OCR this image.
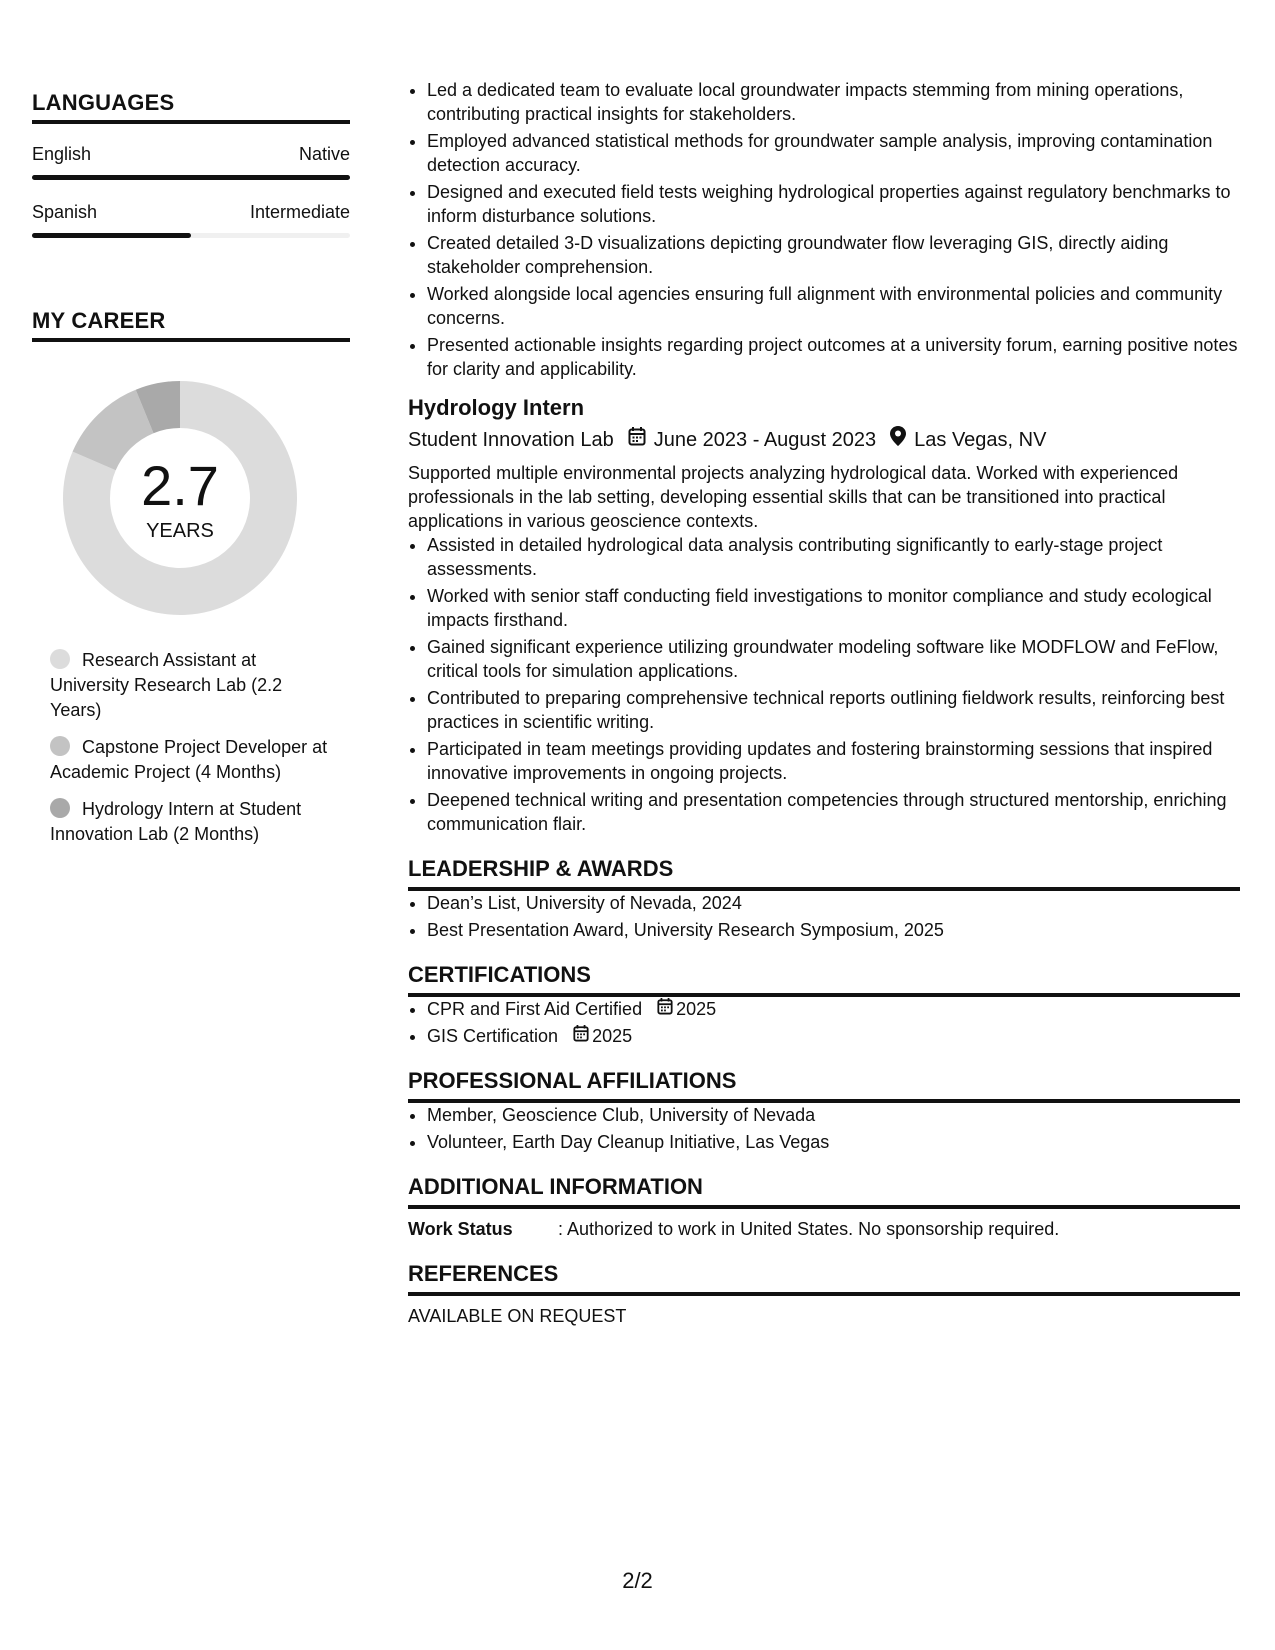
LANGUAGES
English	Native
Spanish	Intermediate
MY CAREER
2.7
YEARS
Research Assistant at University Research Lab (2.2 Years)
Capstone Project Developer at Academic Project (4 Months)
Hydrology Intern at Student Innovation Lab (2 Months)
• Led a dedicated team to evaluate local groundwater impacts stemming from mining operations, contributing practical insights for stakeholders.
• Employed advanced statistical methods for groundwater sample analysis, improving contamination detection accuracy.
• Designed and executed field tests weighing hydrological properties against regulatory benchmarks to inform disturbance solutions.
• Created detailed 3-D visualizations depicting groundwater flow leveraging GIS, directly aiding stakeholder comprehension.
• Worked alongside local agencies ensuring full alignment with environmental policies and community concerns.
• Presented actionable insights regarding project outcomes at a university forum, earning positive notes for clarity and applicability.
Hydrology Intern
Student Innovation Lab June 2023 - August 2023 Las Vegas, NV
Supported multiple environmental projects analyzing hydrological data. Worked with experienced professionals in the lab setting, developing essential skills that can be transitioned into practical applications in various geoscience contexts.
• Assisted in detailed hydrological data analysis contributing significantly to early-stage project assessments.
• Worked with senior staff conducting field investigations to monitor compliance and study ecological impacts firsthand.
• Gained significant experience utilizing groundwater modeling software like MODFLOW and FeFlow, critical tools for simulation applications.
• Contributed to preparing comprehensive technical reports outlining fieldwork results, reinforcing best practices in scientific writing.
• Participated in team meetings providing updates and fostering brainstorming sessions that inspired innovative improvements in ongoing projects.
• Deepened technical writing and presentation competencies through structured mentorship, enriching communication flair.
LEADERSHIP & AWARDS
• Dean’s List, University of Nevada, 2024
• Best Presentation Award, University Research Symposium, 2025
CERTIFICATIONS
• CPR and First Aid Certified 2025
• GIS Certification 2025
PROFESSIONAL AFFILIATIONS
• Member, Geoscience Club, University of Nevada
• Volunteer, Earth Day Cleanup Initiative, Las Vegas
ADDITIONAL INFORMATION
Work Status	: Authorized to work in United States. No sponsorship required.
REFERENCES
AVAILABLE ON REQUEST
2/2
